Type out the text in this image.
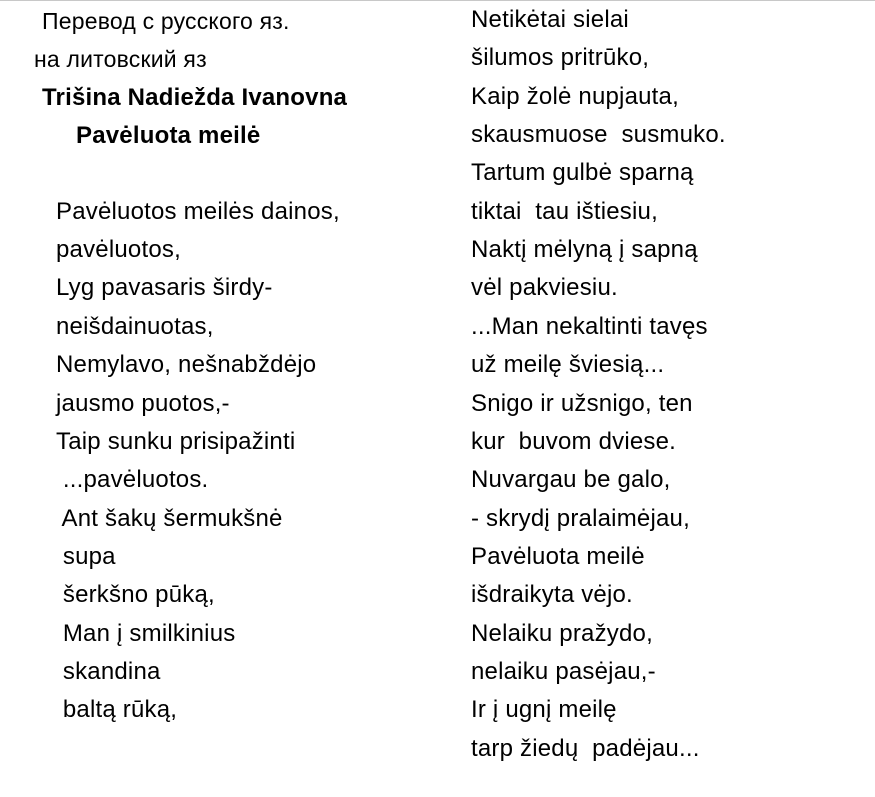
Перевод с русского яз.
на литовский яз
Trišina Nadiežda Ivanovna
Pavėluota meilė
Pavėluotos meilės dainos,
pavėluotos,
Lyg pavasaris širdy-
neišdainuotas,
Nemylavo, nešnabždėjo
jausmo puotos,-
Taip sunku prisipažinti
...pavėluotos.
Ant šakų šermukšnė
supa
šerkšno pūką,
Man į smilkinius
skandina
baltą rūką,
Netikėtai sielai
šilumos pritrūko,
Kaip žolė nupjauta,
skausmuose  susmuko.
Tartum gulbė sparną
tiktai  tau ištiesiu,
Naktį mėlyną į sapną
vėl pakviesiu.
...Man nekaltinti tavęs
už meilę šviesią...
Snigo ir užsnigo, ten
kur  buvom dviese.
Nuvargau be galo,
- skrydį pralaimėjau,
Pavėluota meilė
išdraikyta vėjo.
Nelaiku pražydo,
nelaiku pasėjau,-
Ir į ugnį meilę
tarp žiedų  padėjau...
